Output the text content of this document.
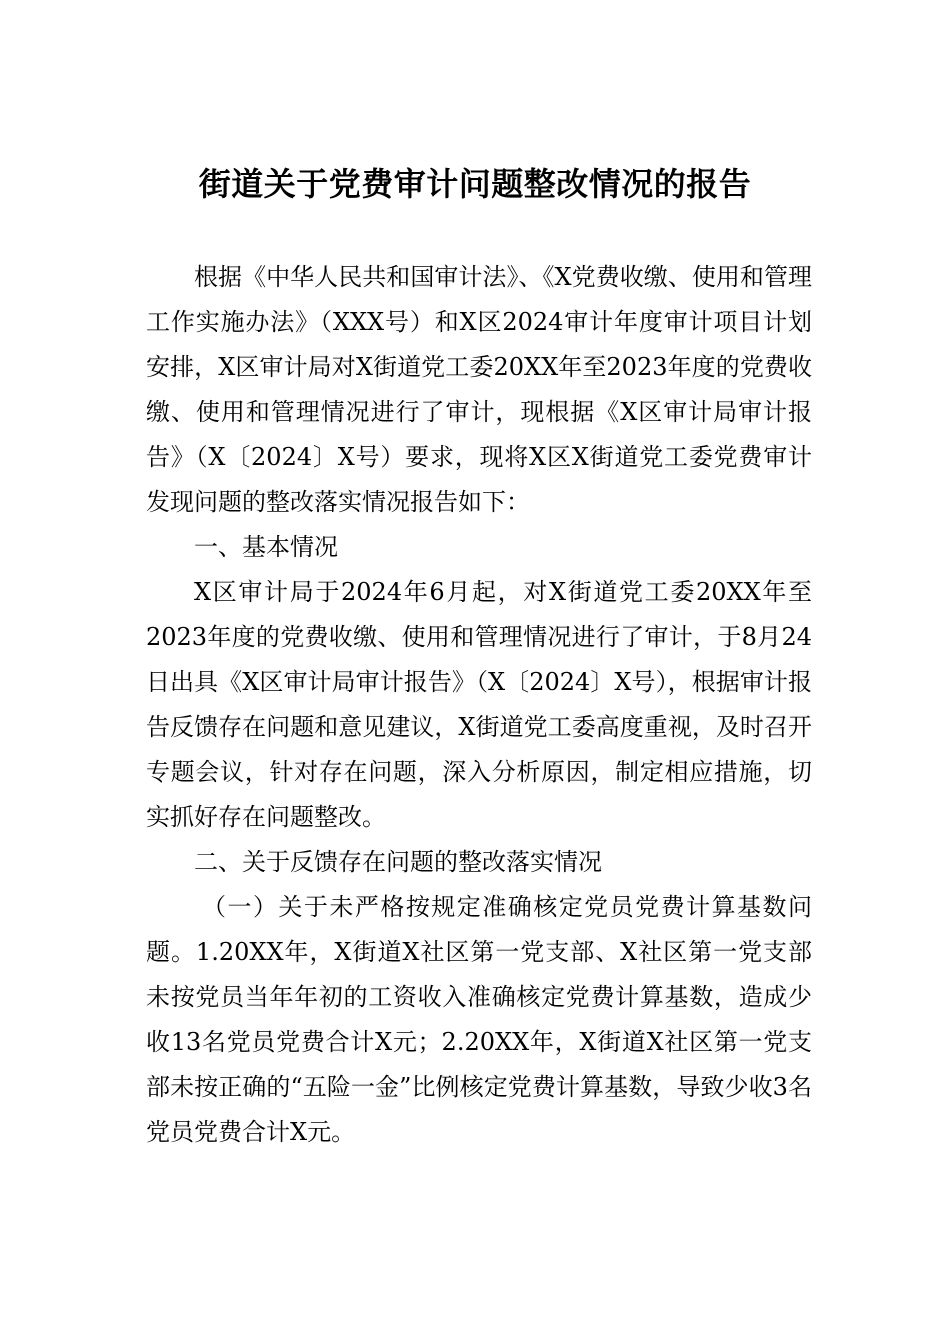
街道关于党费审计问题整改情况的报告

根据《中华人民共和国审计法》、《X党费收缴、使用和管理工作实施办法》（XXX号）和X区2024审计年度审计项目计划安排，X区审计局对X街道党工委20XX年至2023年度的党费收缴、使用和管理情况进行了审计，现根据《X区审计局审计报告》（X〔2024〕X号）要求，现将X区X街道党工委党费审计发现问题的整改落实情况报告如下：

一、基本情况

X区审计局于2024年6月起，对X街道党工委20XX年至2023年度的党费收缴、使用和管理情况进行了审计，于8月24日出具《X区审计局审计报告》（X〔2024〕X号），根据审计报告反馈存在问题和意见建议，X街道党工委高度重视，及时召开专题会议，针对存在问题，深入分析原因，制定相应措施，切实抓好存在问题整改。

二、关于反馈存在问题的整改落实情况

（一）关于未严格按规定准确核定党员党费计算基数问题。1.20XX年，X街道X社区第一党支部、X社区第一党支部未按党员当年年初的工资收入准确核定党费计算基数，造成少收13名党员党费合计X元；2.20XX年，X街道X社区第一党支部未按正确的“五险一金”比例核定党费计算基数，导致少收3名党员党费合计X元。
